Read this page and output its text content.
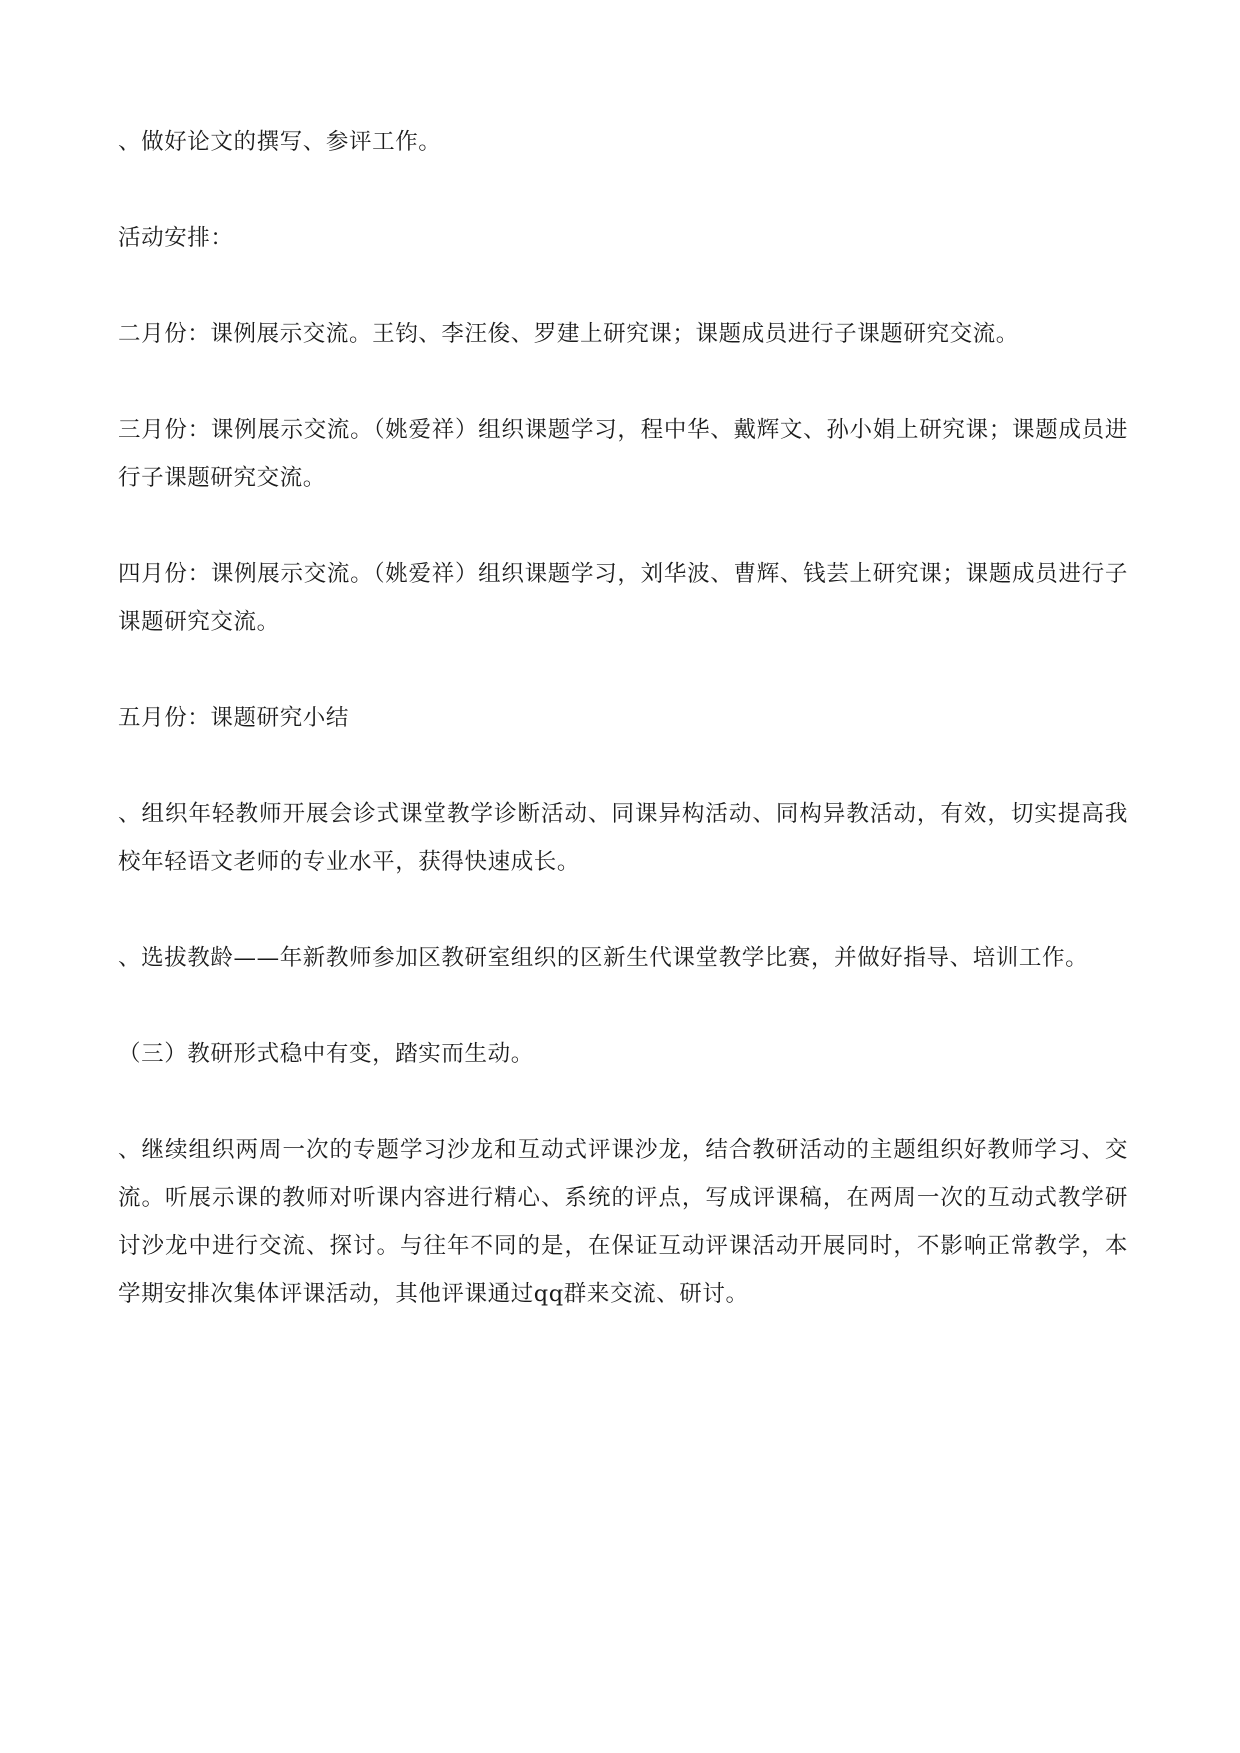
、做好论文的撰写、参评工作。

活动安排：

二月份：课例展示交流。王钧、李汪俊、罗建上研究课；课题成员进行子课题研究交流。

三月份：课例展示交流。（姚爱祥）组织课题学习，程中华、戴辉文、孙小娟上研究课；课题成员进行子课题研究交流。

四月份：课例展示交流。（姚爱祥）组织课题学习，刘华波、曹辉、钱芸上研究课；课题成员进行子课题研究交流。

五月份：课题研究小结

、组织年轻教师开展会诊式课堂教学诊断活动、同课异构活动、同构异教活动，有效，切实提高我校年轻语文老师的专业水平，获得快速成长。

、选拔教龄——年新教师参加区教研室组织的区新生代课堂教学比赛，并做好指导、培训工作。

（三）教研形式稳中有变，踏实而生动。

、继续组织两周一次的专题学习沙龙和互动式评课沙龙，结合教研活动的主题组织好教师学习、交流。听展示课的教师对听课内容进行精心、系统的评点，写成评课稿，在两周一次的互动式教学研讨沙龙中进行交流、探讨。与往年不同的是，在保证互动评课活动开展同时，不影响正常教学，本学期安排次集体评课活动，其他评课通过qq群来交流、研讨。
